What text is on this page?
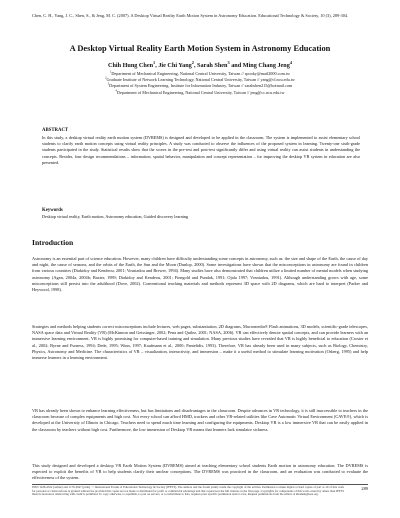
Chen, C. H., Yang, J. C., Shen, S., & Jeng, M. C. (2007). A Desktop Virtual Reality Earth Motion System in Astronomy Education. Educational Technology & Society, 10 (3), 289-304.
A Desktop Virtual Reality Earth Motion System in Astronomy Education
Chih Hung Chen$^1$, Jie Chi Yang$^2$, Sarah Shen$^3$ and Ming Chang Jeng$^4$
$^1$Department of Mechanical Engineering, National Central University, Taiwan // spooky@mail2000.com.tw
$^2$Graduate Institute of Network Learning Technology, National Central University, Taiwan // yang@cl.ncu.edu.tw
$^3$Department of System Engineering, Institute for Information Industry, Taiwan // sarahshen215@hotmail.com
$^4$Department of Mechanical Engineering, National Central University, Taiwan // jeng@cc.ncu.edu.tw
ABSTRACT
In this study, a desktop virtual reality earth motion system (DVREMS) is designed and developed to be applied in the classroom. The system is implemented to assist elementary school students to clarify earth motion concepts using virtual reality principles. A study was conducted to observe the influences of the proposed system in learning. Twenty-one sixth-grade students participated in the study. Statistical results show that the scores in the pre-test and post-test significantly differ and using virtual reality can assist students in understanding the concepts. Besides, four design recommendations – information, spatial behavior, manipulation and concept representation – for improving the desktop VR system in education are also presented.
Keywords
Desktop virtual reality, Earth motion, Astronomy education, Guided discovery learning
Introduction
Astronomy is an essential part of science education. However, many children have difficulty understanding some concepts in astronomy, such as: the size and shape of the Earth, the cause of day and night, the cause of seasons, and the orbits of the Earth, the Sun and the Moon (Dunlop, 2000). Some investigations have shown that the misconceptions in astronomy are found in children from various countries (Diakidoy and Kendeou, 2001; Vosniadou and Brewer, 1994). Many studies have also demonstrated that children utilize a limited number of mental models when studying astronomy (Agan, 2004a, 2004b; Baxter, 1989; Diakidoy and Kendeou, 2001; Finegold and Pundak, 1991; Ojala 1997; Vosniadou, 1991). Although understanding grows with age, some misconceptions still persist into the adulthood (Dove, 2002). Conventional teaching materials and methods represent 3D space with 2D diagrams, which are hard to interpret (Parker and Heywood, 1998).
Strategies and methods helping students correct misconceptions include lectures, web pages, substantiation, 2D diagrams, Macromedia® Flash animations, 3D models, scientific-grade telescopes, NASA space data and Virtual Reality (VR) (McKinnon and Geissinger, 2002; Pena and Quilez, 2001; NASA, 2006). VR can effectively denote spatial concepts, and can provide learners with an immersive learning environment. VR is highly promising for computer-based training and simulation. Many previous studies have revealed that VR is highly beneficial to education (Crosier et al., 2002; Byrne and Furness, 1994; Dede, 1995; Winn, 1997; Kaufmann et al., 2000; Pantelidis, 1993). Therefore, VR has already been used in many subjects, such as Biology, Chemistry, Physics, Astronomy and Medicine. The characteristics of VR – visualization, interactivity, and immersion – make it a useful method to stimulate learning motivation (Osberg, 1995) and help immerse learners in a learning environment.
VR has already been shown to enhance learning effectiveness, but has limitations and disadvantages in the classroom. Despite advances in VR technology, it is still inaccessible to teachers in the classroom because of complex equipments and high cost. Not every school can afford HMD, trackers and other VR-related utilities like Cave Automatic Virtual Environment (CAVE®), which is developed at the University of Illinois in Chicago. Teachers need to spend much time learning and configuring the equipments. Desktop VR is a low immersive VR that can be easily applied in the classroom by teachers without high cost. Furthermore, the low immersion of Desktop VR means that learners lack simulator sickness.
This study designed and developed a desktop VR Earth Motion System (DVREMS) aimed at teaching elementary school students Earth motion in astronomy education. The DVREMS is expected to exploit the benefits of VR to help students clarify their unclear conceptions. The DVREMS was practiced in the classroom, and an evaluation was conducted to evaluate the effectiveness of the system.
ISSN 1436-4522 (online) and 1176-3647 (print). © International Forum of Educational Technology & Society (IFETS). The authors and the forum jointly retain the copyright of the articles. Permission to make digital or hard copies of part or all of this work for personal or classroom use is granted without fee provided that copies are not made or distributed for profit or commercial advantage and that copies bear the full citation on the first page. Copyrights for components of this work owned by others than IFETS must be honoured. Abstracting with credit is permitted. To copy otherwise, to republish, to post on servers, or to redistribute to lists, requires prior specific permission and/or a fee. Request permissions from the editors at kinshuk@ieee.org.
289
